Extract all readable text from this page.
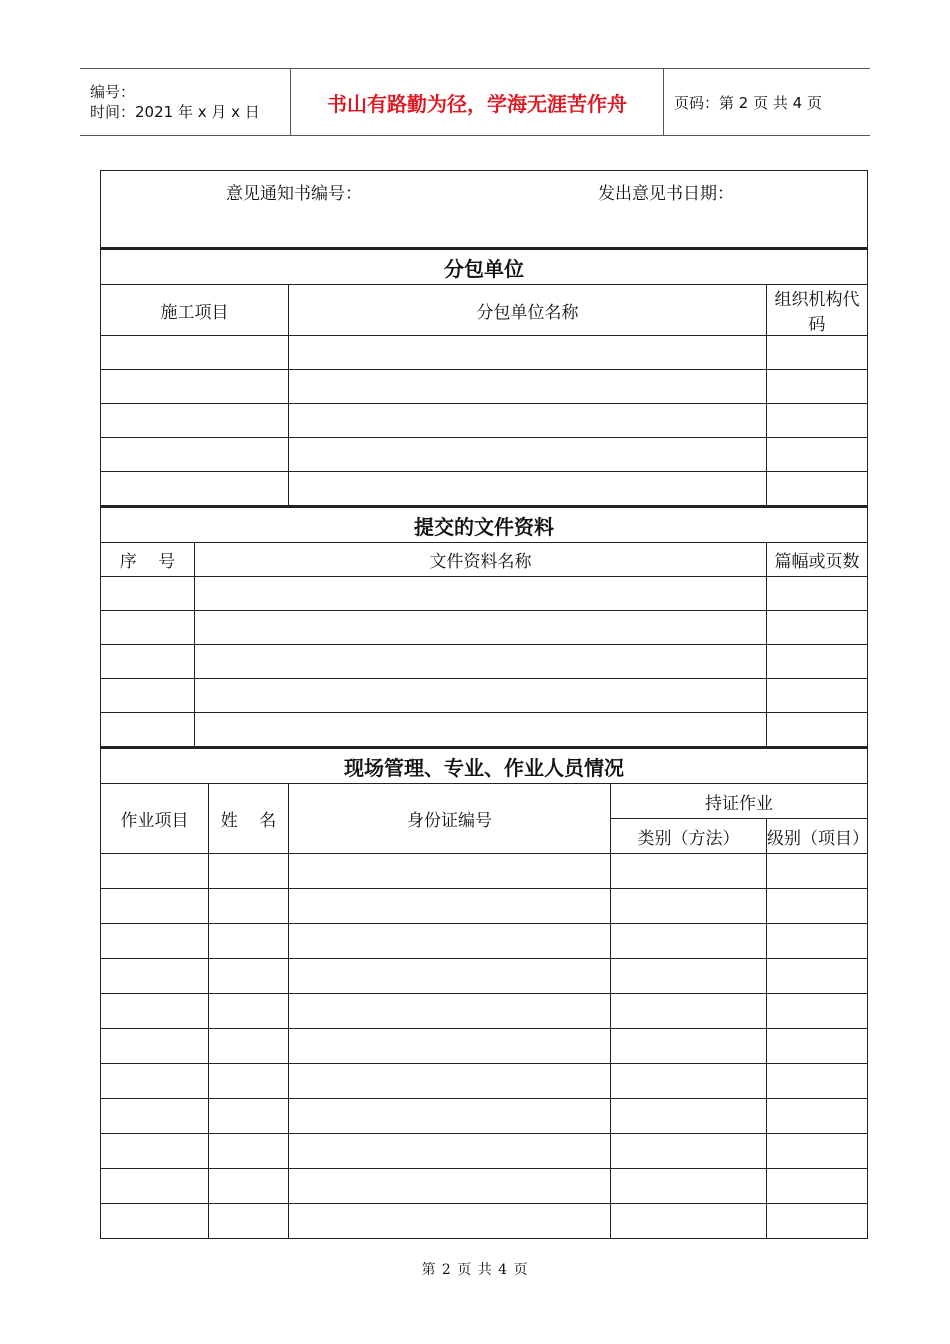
编号：
时间：2021 年 x 月 x 日	书山有路勤为径，学海无涯苦作舟	页码：第 2 页 共 4 页
意见通知书编号： 发出意见书日期：					

分包单位					
施工项目			分包单位名称		组织机构代码

提交的文件资料					
序    号	文件资料名称				篇幅或页数

现场管理、专业、作业人员情况					
作业项目		姓    名	身份证编号	持证作业	
				类别（方法）	级别（项目）

第 2 页 共 4 页
